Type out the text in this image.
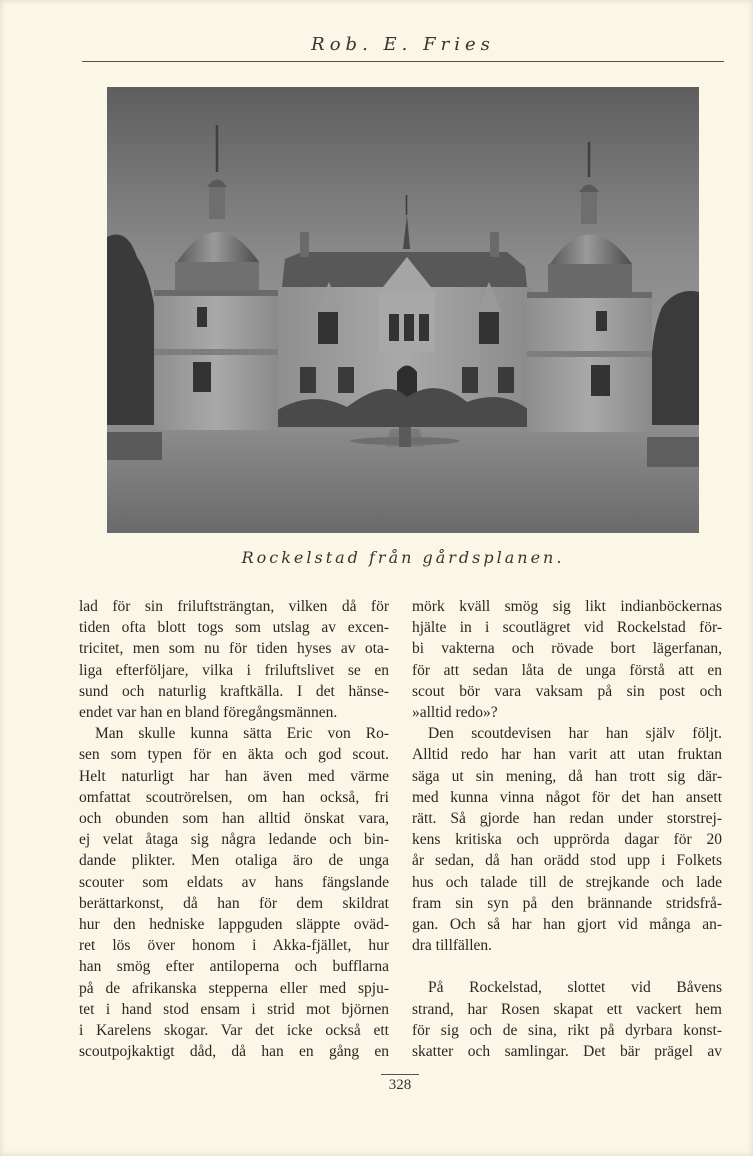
Rob. E. Fries
Rockelstad från gårdsplanen.
lad för sin friluftsträngtan, vilken då för
tiden ofta blott togs som utslag av excen-
tricitet, men som nu för tiden hyses av ota-
liga efterföljare, vilka i friluftslivet se en
sund och naturlig kraftkälla. I det hänse-
endet var han en bland föregångsmännen.
Man skulle kunna sätta Eric von Ro-
sen som typen för en äkta och god scout.
Helt naturligt har han även med värme
omfattat scoutrörelsen, om han också, fri
och obunden som han alltid önskat vara,
ej velat åtaga sig några ledande och bin-
dande plikter. Men otaliga äro de unga
scouter som eldats av hans fängslande
berättarkonst, då han för dem skildrat
hur den hedniske lappguden släppte oväd-
ret lös över honom i Akka-fjället, hur
han smög efter antiloperna och bufflarna
på de afrikanska stepperna eller med spju-
tet i hand stod ensam i strid mot björnen
i Karelens skogar. Var det icke också ett
scoutpojkaktigt dåd, då han en gång en
mörk kväll smög sig likt indianböckernas
hjälte in i scoutlägret vid Rockelstad för-
bi vakterna och rövade bort lägerfanan,
för att sedan låta de unga förstå att en
scout bör vara vaksam på sin post och
»alltid redo»?
Den scoutdevisen har han själv följt.
Alltid redo har han varit att utan fruktan
säga ut sin mening, då han trott sig där-
med kunna vinna något för det han ansett
rätt. Så gjorde han redan under storstrej-
kens kritiska och upprörda dagar för 20
år sedan, då han orädd stod upp i Folkets
hus och talade till de strejkande och lade
fram sin syn på den brännande stridsfrå-
gan. Och så har han gjort vid många an-
dra tillfällen.
På Rockelstad, slottet vid Båvens
strand, har Rosen skapat ett vackert hem
för sig och de sina, rikt på dyrbara konst-
skatter och samlingar. Det bär prägel av
328
